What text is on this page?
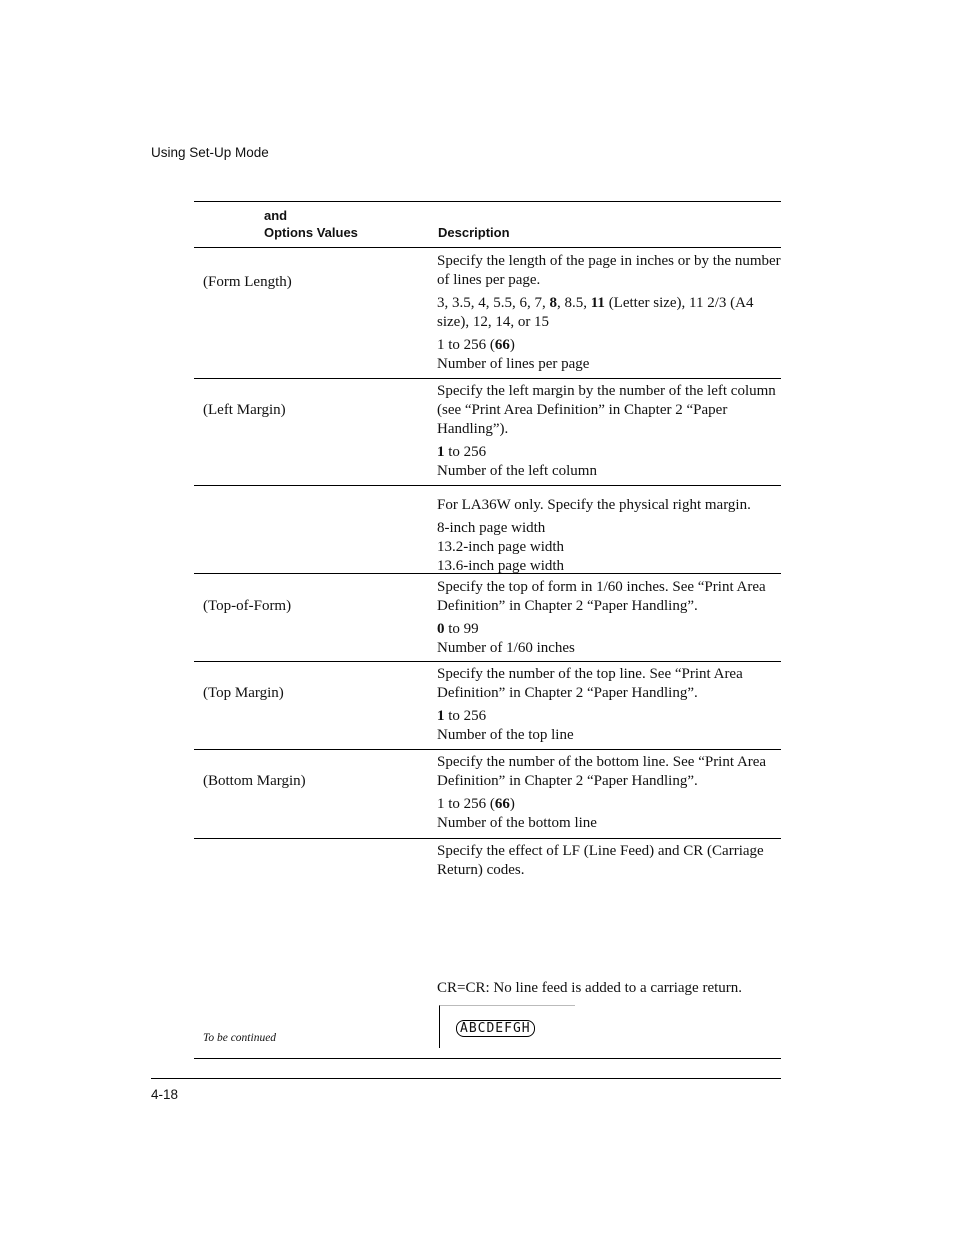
Using Set-Up Mode
and
Options Values	Description
(Form Length)

Specify the length of the page in inches or by the number of lines per page.

3, 3.5, 4, 5.5, 6, 7, 8, 8.5, 11 (Letter size), 11 2/3 (A4 size), 12, 14, or 15

1 to 256 (66)

Number of lines per page

(Left Margin)

Specify the left margin by the number of the left column (see “Print Area Definition” in Chapter 2 “Paper Handling”).

1 to 256

Number of the left column

For LA36W only. Specify the physical right margin.

8-inch page width

13.2-inch page width

13.6-inch page width

(Top-of-Form)

Specify the top of form in 1/60 inches. See “Print Area Definition” in Chapter 2 “Paper Handling”.

0 to 99

Number of 1/60 inches

(Top Margin)

Specify the number of the top line. See “Print Area Definition” in Chapter 2 “Paper Handling”.

1 to 256

Number of the top line

(Bottom Margin)

Specify the number of the bottom line. See “Print Area Definition” in Chapter 2 “Paper Handling”.

1 to 256 (66)

Number of the bottom line

Specify the effect of LF (Line Feed) and CR (Carriage Return) codes.

CR=CR: No line feed is added to a carriage return.

ABCDEFGH
To be continued
4-18
